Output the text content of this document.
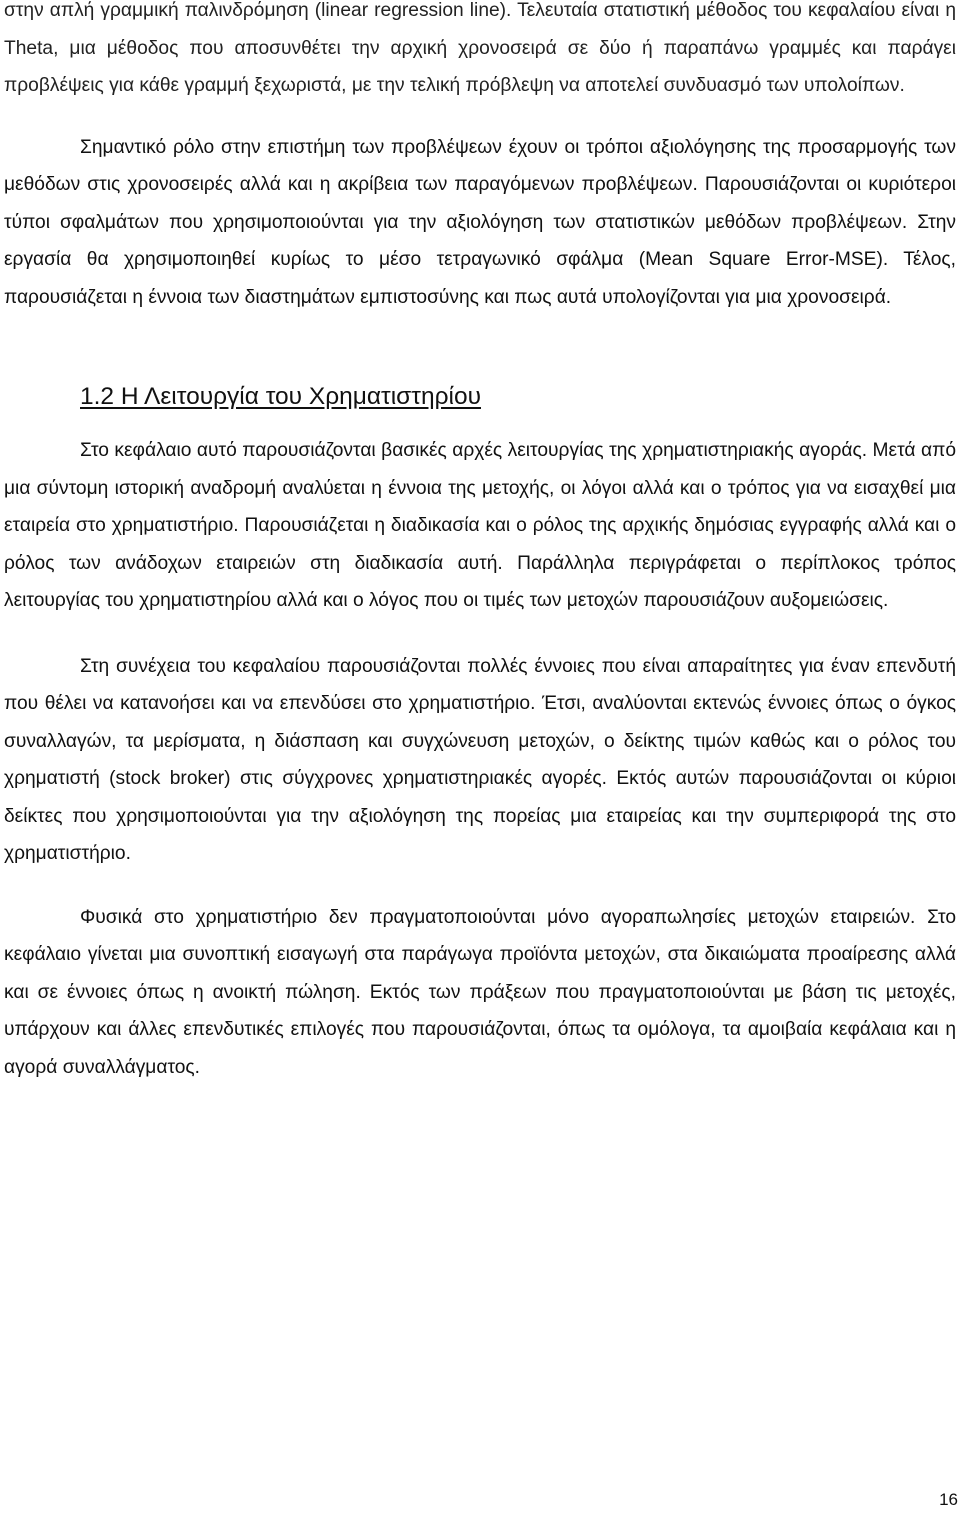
στην απλή γραμμική παλινδρόμηση (linear regression line). Τελευταία στατιστική μέθοδος του κεφαλαίου είναι η Theta, μια μέθοδος που αποσυνθέτει την αρχική χρονοσειρά σε δύο ή παραπάνω γραμμές και παράγει προβλέψεις για κάθε γραμμή ξεχωριστά, με την τελική πρόβλεψη να αποτελεί συνδυασμό των υπολοίπων.

Σημαντικό ρόλο στην επιστήμη των προβλέψεων έχουν οι τρόποι αξιολόγησης της προσαρμογής των μεθόδων στις χρονοσειρές αλλά και η ακρίβεια των παραγόμενων προβλέψεων. Παρουσιάζονται οι κυριότεροι τύποι σφαλμάτων που χρησιμοποιούνται για την αξιολόγηση των στατιστικών μεθόδων προβλέψεων. Στην εργασία θα χρησιμοποιηθεί κυρίως το μέσο τετραγωνικό σφάλμα (Mean Square Error-MSE). Τέλος, παρουσιάζεται η έννοια των διαστημάτων εμπιστοσύνης και πως αυτά υπολογίζονται για μια χρονοσειρά.

1.2 Η Λειτουργία του Χρηματιστηρίου

Στο κεφάλαιο αυτό παρουσιάζονται βασικές αρχές λειτουργίας της χρηματιστηριακής αγοράς. Μετά από μια σύντομη ιστορική αναδρομή αναλύεται η έννοια της μετοχής, οι λόγοι αλλά και ο τρόπος για να εισαχθεί μια εταιρεία στο χρηματιστήριο. Παρουσιάζεται η διαδικασία και ο ρόλος της αρχικής δημόσιας εγγραφής αλλά και ο ρόλος των ανάδοχων εταιρειών στη διαδικασία αυτή. Παράλληλα περιγράφεται ο περίπλοκος τρόπος λειτουργίας του χρηματιστηρίου αλλά και ο λόγος που οι τιμές των μετοχών παρουσιάζουν αυξομειώσεις.

Στη συνέχεια του κεφαλαίου παρουσιάζονται πολλές έννοιες που είναι απαραίτητες για έναν επενδυτή που θέλει να κατανοήσει και να επενδύσει στο χρηματιστήριο. Έτσι, αναλύονται εκτενώς έννοιες όπως ο όγκος συναλλαγών, τα μερίσματα, η διάσπαση και συγχώνευση μετοχών, ο δείκτης τιμών καθώς και ο ρόλος του χρηματιστή (stock broker) στις σύγχρονες χρηματιστηριακές αγορές. Εκτός αυτών παρουσιάζονται οι κύριοι δείκτες που χρησιμοποιούνται για την αξιολόγηση της πορείας μια εταιρείας και την συμπεριφορά της στο χρηματιστήριο.

Φυσικά στο χρηματιστήριο δεν πραγματοποιούνται μόνο αγοραπωλησίες μετοχών εταιρειών. Στο κεφάλαιο γίνεται μια συνοπτική εισαγωγή στα παράγωγα προϊόντα μετοχών, στα δικαιώματα προαίρεσης αλλά και σε έννοιες όπως η ανοικτή πώληση. Εκτός των πράξεων που πραγματοποιούνται με βάση τις μετοχές, υπάρχουν και άλλες επενδυτικές επιλογές που παρουσιάζονται, όπως τα ομόλογα, τα αμοιβαία κεφάλαια και η αγορά συναλλάγματος.

16
